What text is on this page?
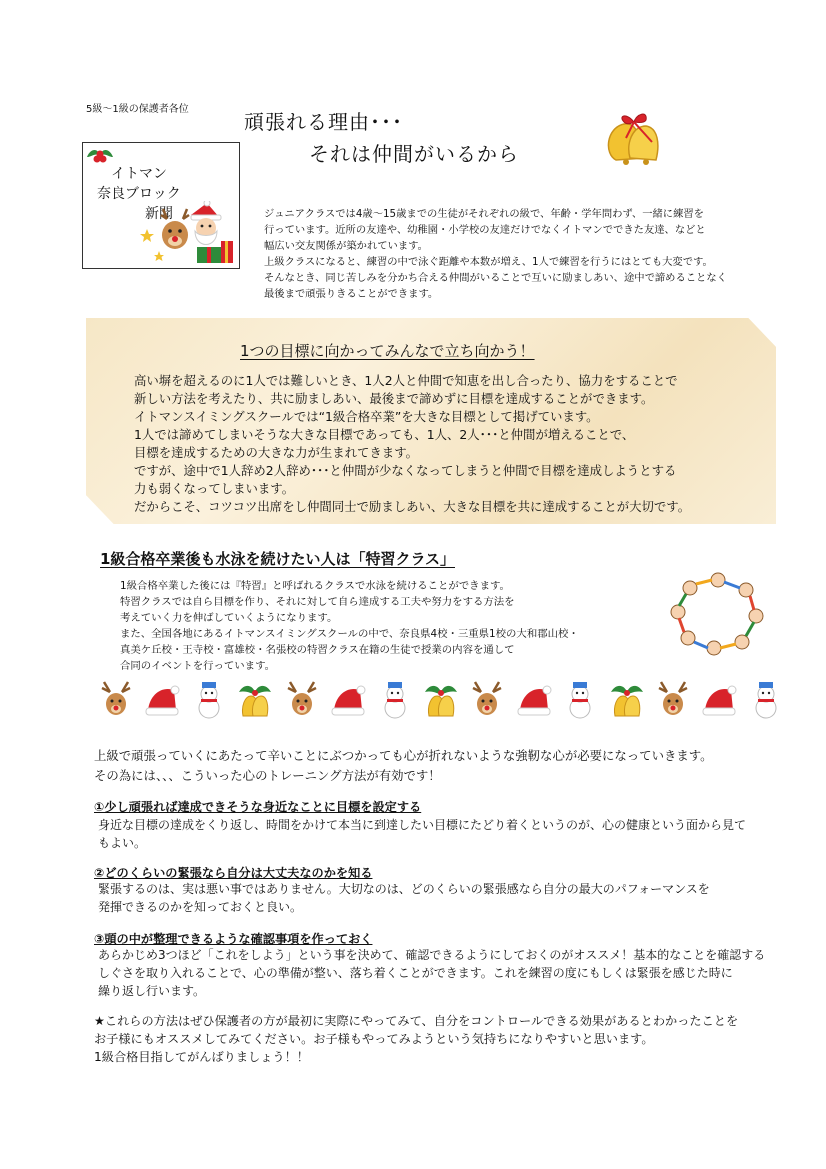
5級～1級の保護者各位
頑張れる理由･･･
それは仲間がいるから
イトマン
奈良ブロック
新聞	ジュニアクラスでは4歳～15歳までの生徒がそれぞれの級で、年齢・学年問わず、一緒に練習を

行っています。近所の友達や、幼稚園・小学校の友達だけでなくイトマンでできた友達、などと

幅広い交友関係が築かれています。

上級クラスになると、練習の中で泳ぐ距離や本数が増え、1人で練習を行うにはとても大変です。

そんなとき、同じ苦しみを分かち合える仲間がいることで互いに励ましあい、途中で諦めることなく

最後まで頑張りきることができます。

1つの目標に向かってみんなで立ち向かう！

高い塀を超えるのに1人では難しいとき、1人2人と仲間で知恵を出し合ったり、協力をすることで

新しい方法を考えたり、共に励ましあい、最後まで諦めずに目標を達成することができます。

イトマンスイミングスクールでは“1級合格卒業”を大きな目標として掲げています。

1人では諦めてしまいそうな大きな目標であっても、1人、2人･･･と仲間が増えることで、

目標を達成するための大きな力が生まれてきます。

ですが、途中で1人辞め2人辞め･･･と仲間が少なくなってしまうと仲間で目標を達成しようとする

力も弱くなってしまいます。

だからこそ、コツコツ出席をし仲間同士で励ましあい、大きな目標を共に達成することが大切です。

1級合格卒業後も水泳を続けたい人は「特習クラス」

1級合格卒業した後には『特習』と呼ばれるクラスで水泳を続けることができます。

特習クラスでは自ら目標を作り、それに対して自ら達成する工夫や努力をする方法を

考えていく力を伸ばしていくようになります。

また、全国各地にあるイトマンスイミングスクールの中で、奈良県4校・三重県1校の大和郡山校・

真美ケ丘校・王寺校・富雄校・名張校の特習クラス在籍の生徒で授業の内容を通して

合同のイベントを行っています。

上級で頑張っていくにあたって辛いことにぶつかっても心が折れないような強靭な心が必要になっていきます。

その為には、、、こういった心のトレーニング方法が有効です！

①少し頑張れば達成できそうな身近なことに目標を設定する

身近な目標の達成をくり返し、時間をかけて本当に到達したい目標にたどり着くというのが、心の健康という面から見て

もよい。

②どのくらいの緊張なら自分は大丈夫なのかを知る

緊張するのは、実は悪い事ではありません。大切なのは、どのくらいの緊張感なら自分の最大のパフォーマンスを

発揮できるのかを知っておくと良い。

③頭の中が整理できるような確認事項を作っておく

あらかじめ3つほど「これをしよう」という事を決めて、確認できるようにしておくのがオススメ！基本的なことを確認する

しぐさを取り入れることで、心の準備が整い、落ち着くことができます。これを練習の度にもしくは緊張を感じた時に

繰り返し行います。

★これらの方法はぜひ保護者の方が最初に実際にやってみて、自分をコントロールできる効果があるとわかったことを

お子様にもオススメしてみてください。お子様もやってみようという気持ちになりやすいと思います。

1級合格目指してがんばりましょう！！
